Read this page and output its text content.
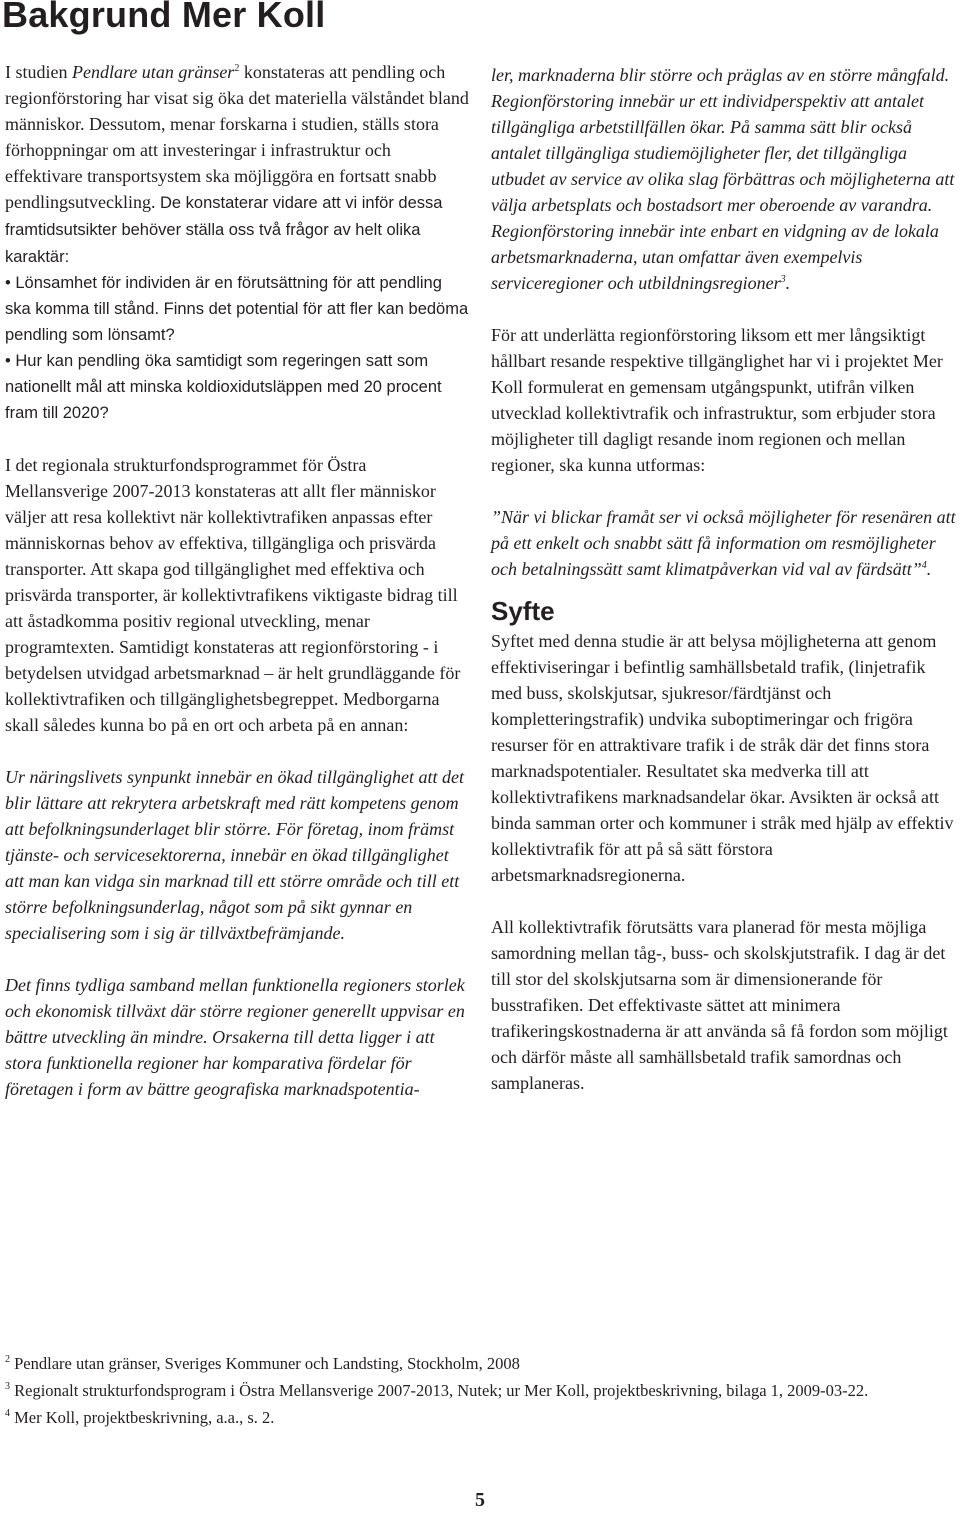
Bakgrund Mer Koll

I studien Pendlare utan gränser$^2$ konstateras att pendling och regionförstoring har visat sig öka det materiella välståndet bland människor. Dessutom, menar forskarna i studien, ställs stora förhoppningar om att investeringar i infrastruktur och effektivare transportsystem ska möjliggöra en fortsatt snabb pendlingsutveckling. De konstaterar vidare att vi inför dessa framtidsutsikter behöver ställa oss två frågor av helt olika karaktär:

• Lönsamhet för individen är en förutsättning för att pendling ska komma till stånd. Finns det potential för att fler kan bedöma pendling som lönsamt?

• Hur kan pendling öka samtidigt som regeringen satt som nationellt mål att minska koldioxidutsläppen med 20 procent fram till 2020?

I det regionala strukturfondsprogrammet för Östra Mellansverige 2007-2013 konstateras att allt fler människor väljer att resa kollektivt när kollektivtrafiken anpassas efter människornas behov av effektiva, tillgängliga och prisvärda transporter. Att skapa god tillgänglighet med effektiva och prisvärda transporter, är kollektivtrafikens viktigaste bidrag till att åstadkomma positiv regional utveckling, menar programtexten. Samtidigt konstateras att regionförstoring - i betydelsen utvidgad arbetsmarknad – är helt grundläggande för kollektivtrafiken och tillgänglighetsbegreppet. Medborgarna skall således kunna bo på en ort och arbeta på en annan:

Ur näringslivets synpunkt innebär en ökad tillgänglighet att det blir lättare att rekrytera arbetskraft med rätt kompetens genom att befolkningsunderlaget blir större. För företag, inom främst tjänste- och servicesektorerna, innebär en ökad tillgänglighet att man kan vidga sin marknad till ett större område och till ett större befolkningsunderlag, något som på sikt gynnar en specialisering som i sig är tillväxtbefrämjande.

Det finns tydliga samband mellan funktionella regioners storlek och ekonomisk tillväxt där större regioner generellt uppvisar en bättre utveckling än mindre. Orsakerna till detta ligger i att stora funktionella regioner har komparativa fördelar för företagen i form av bättre geografiska marknadspotentia-

ler, marknaderna blir större och präglas av en större mångfald. Regionförstoring innebär ur ett individperspektiv att antalet tillgängliga arbetstillfällen ökar. På samma sätt blir också antalet tillgängliga studiemöjligheter fler, det tillgängliga utbudet av service av olika slag förbättras och möjligheterna att välja arbetsplats och bostadsort mer oberoende av varandra. Regionförstoring innebär inte enbart en vidgning av de lokala arbetsmarknaderna, utan omfattar även exempelvis serviceregioner och utbildningsregioner$^3$.

För att underlätta regionförstoring liksom ett mer långsiktigt hållbart resande respektive tillgänglighet har vi i projektet Mer Koll formulerat en gemensam utgångspunkt, utifrån vilken utvecklad kollektivtrafik och infrastruktur, som erbjuder stora möjligheter till dagligt resande inom regionen och mellan regioner, ska kunna utformas:

”När vi blickar framåt ser vi också möjligheter för resenären att på ett enkelt och snabbt sätt få information om resmöjligheter och betalningssätt samt klimatpåverkan vid val av färdsätt”$^4$.

Syfte

Syftet med denna studie är att belysa möjligheterna att genom effektiviseringar i befintlig samhällsbetald trafik, (linjetrafik med buss, skolskjutsar, sjukresor/färdtjänst och kompletteringstrafik) undvika suboptimeringar och frigöra resurser för en attraktivare trafik i de stråk där det finns stora marknadspotentialer. Resultatet ska medverka till att kollektivtrafikens marknadsandelar ökar. Avsikten är också att binda samman orter och kommuner i stråk med hjälp av effektiv kollektivtrafik för att på så sätt förstora arbetsmarknadsregionerna.

All kollektivtrafik förutsätts vara planerad för mesta möjliga samordning mellan tåg-, buss- och skolskjutstrafik. I dag är det till stor del skolskjutsarna som är dimensionerande för busstrafiken. Det effektivaste sättet att minimera trafikeringskostnaderna är att använda så få fordon som möjligt och därför måste all samhällsbetald trafik samordnas och samplaneras.

$^2$ Pendlare utan gränser, Sveriges Kommuner och Landsting, Stockholm, 2008

$^3$ Regionalt strukturfondsprogram i Östra Mellansverige 2007-2013, Nutek; ur Mer Koll, projektbeskrivning, bilaga 1, 2009-03-22.

$^4$ Mer Koll, projektbeskrivning, a.a., s. 2.

5
